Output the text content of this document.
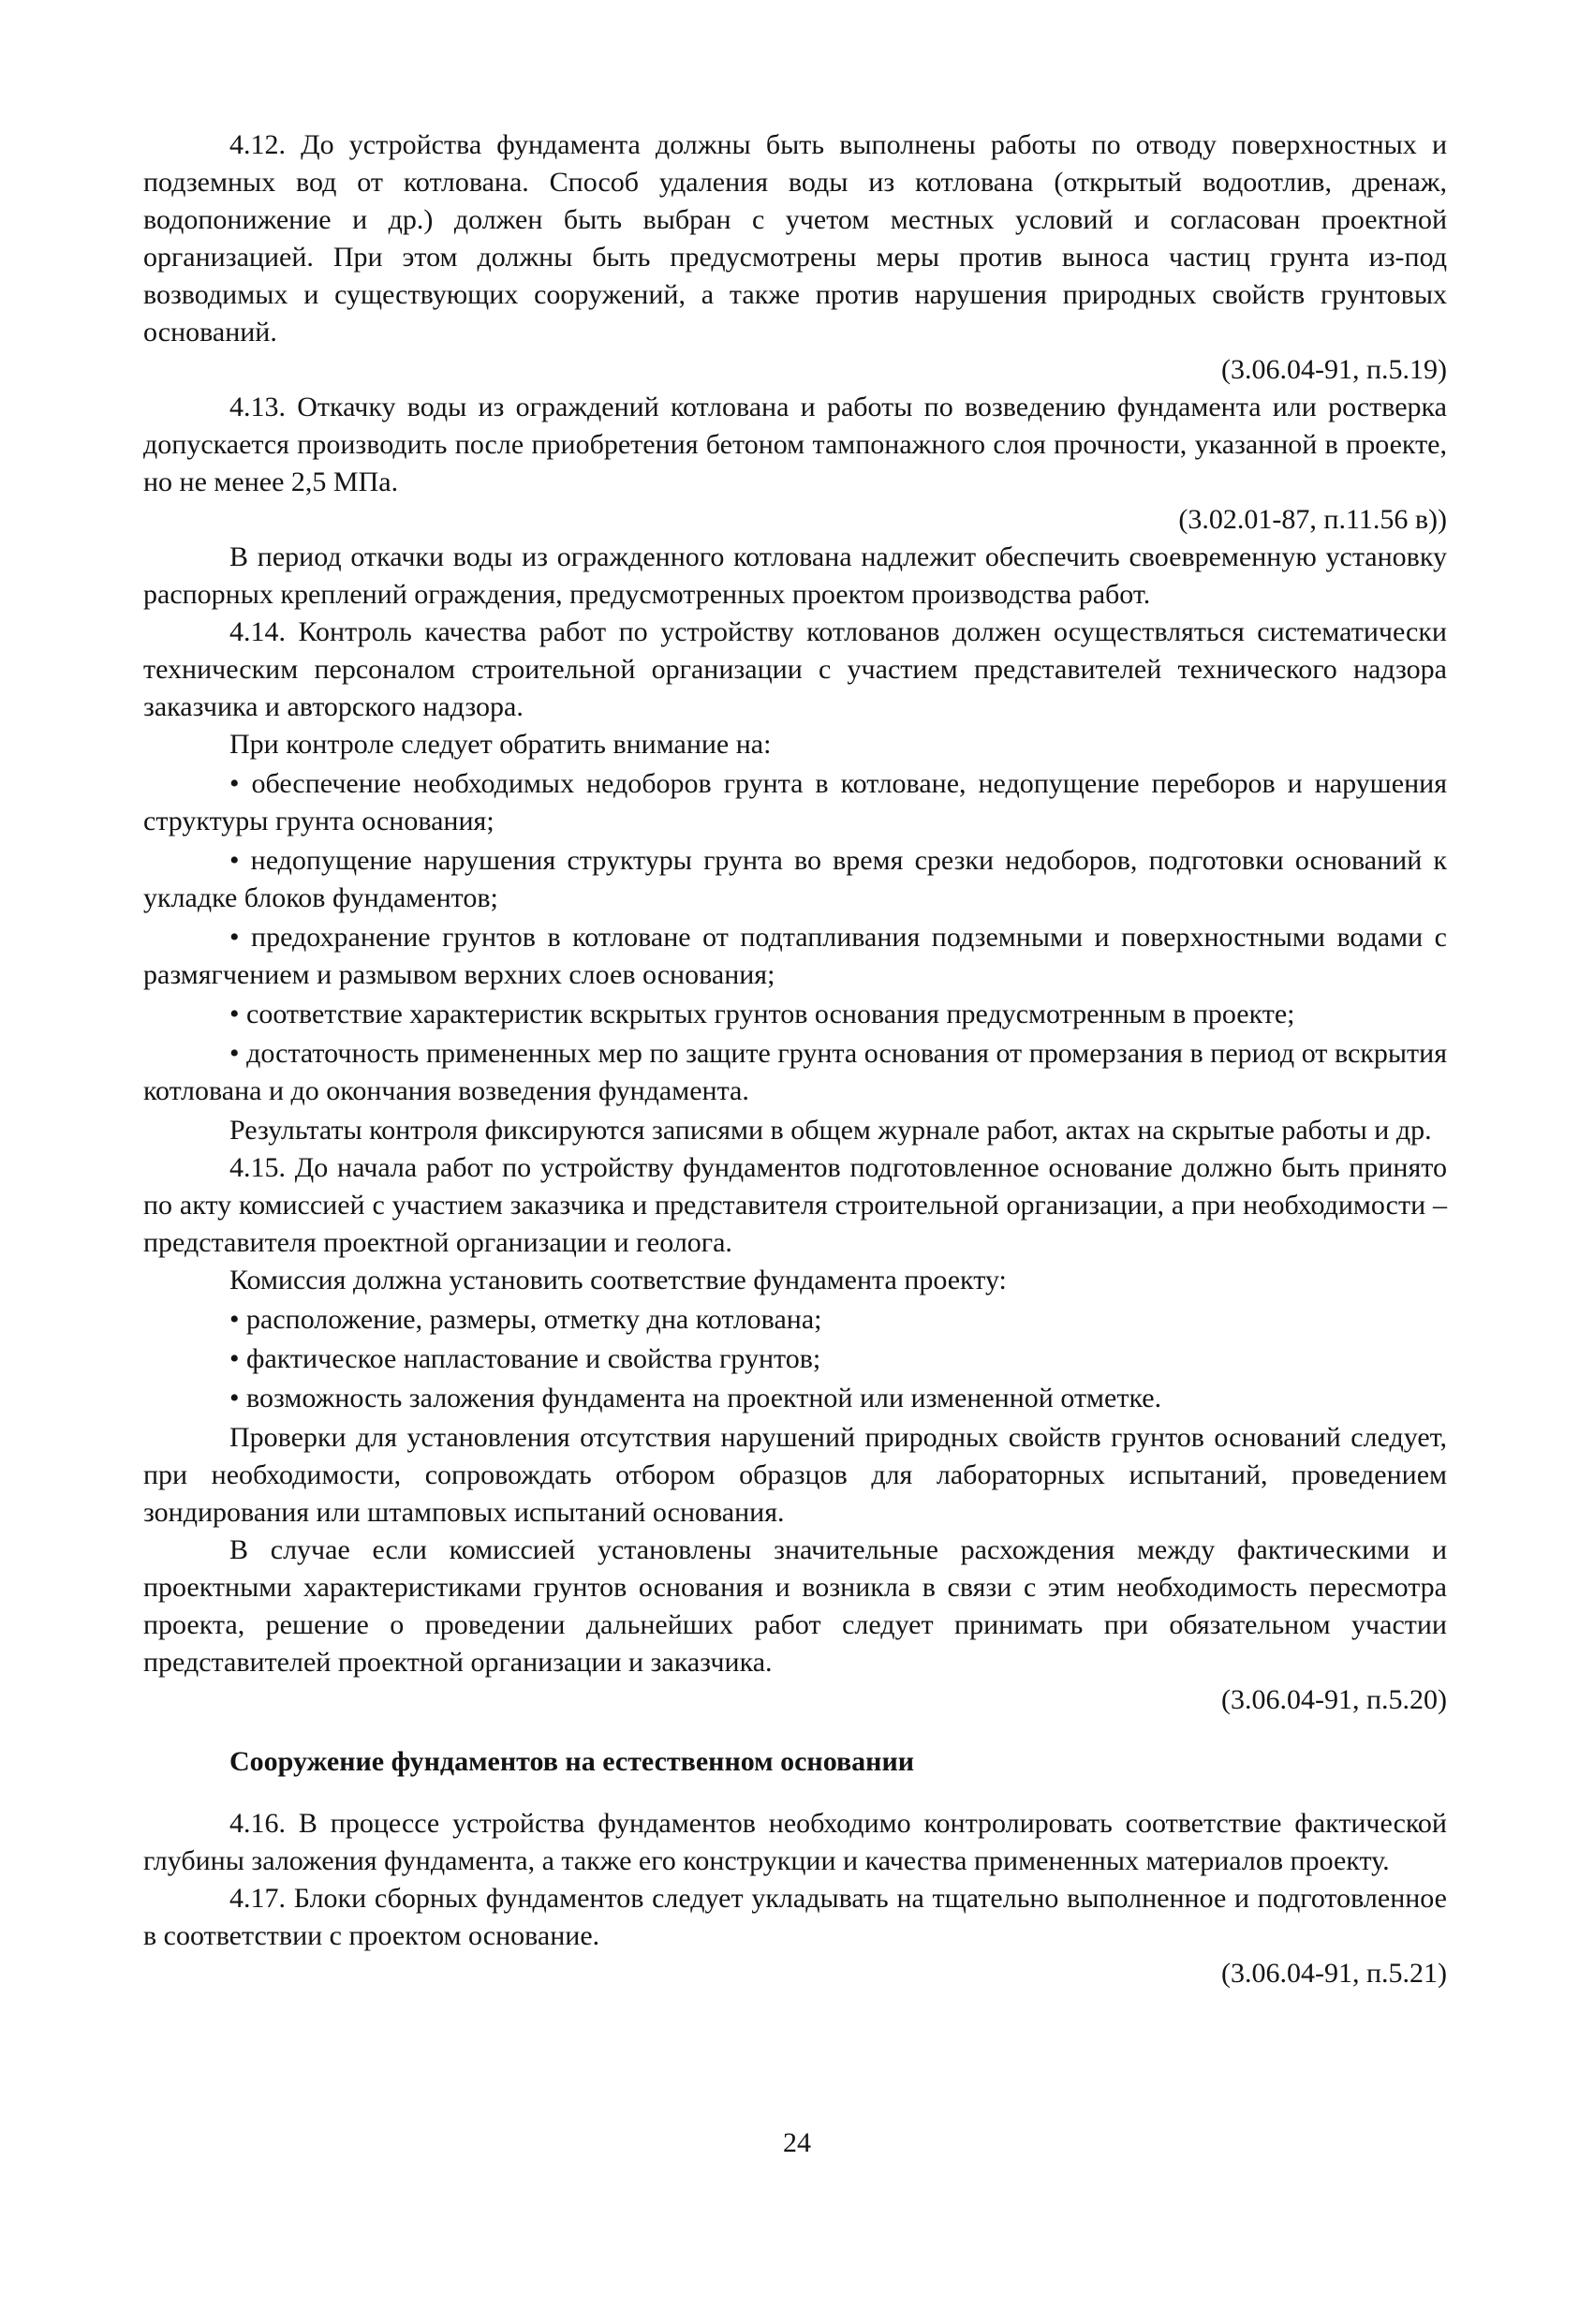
4.12. До устройства фундамента должны быть выполнены работы по отводу поверхностных и подземных вод от котлована. Способ удаления воды из котлована (открытый водоотлив, дренаж, водопонижение и др.) должен быть выбран с учетом местных условий и согласован проектной организацией. При этом должны быть предусмотрены меры против выноса частиц грунта из-под возводимых и существующих сооружений, а также против нарушения природных свойств грунтовых оснований.

(3.06.04-91, п.5.19)

4.13. Откачку воды из ограждений котлована и работы по возведению фундамента или ростверка допускается производить после приобретения бетоном тампонажного слоя прочности, указанной в проекте, но не менее 2,5 МПа.

(3.02.01-87, п.11.56 в))

В период откачки воды из огражденного котлована надлежит обеспечить своевременную установку распорных креплений ограждения, предусмотренных проектом производства работ.

4.14. Контроль качества работ по устройству котлованов должен осуществляться систематически техническим персоналом строительной организации с участием представителей технического надзора заказчика и авторского надзора.

При контроле следует обратить внимание на:

• обеспечение необходимых недоборов грунта в котловане, недопущение переборов и нарушения структуры грунта основания;

• недопущение нарушения структуры грунта во время срезки недоборов, подготовки оснований к укладке блоков фундаментов;

• предохранение грунтов в котловане от подтапливания подземными и поверхностными водами с размягчением и размывом верхних слоев основания;

• соответствие характеристик вскрытых грунтов основания предусмотренным в проекте;

• достаточность примененных мер по защите грунта основания от промерзания в период от вскрытия котлована и до окончания возведения фундамента.

Результаты контроля фиксируются записями в общем журнале работ, актах на скрытые работы и др.

4.15. До начала работ по устройству фундаментов подготовленное основание должно быть принято по акту комиссией с участием заказчика и представителя строительной организации, а при необходимости – представителя проектной организации и геолога.

Комиссия должна установить соответствие фундамента проекту:

• расположение, размеры, отметку дна котлована;

• фактическое напластование и свойства грунтов;

• возможность заложения фундамента на проектной или измененной отметке.

Проверки для установления отсутствия нарушений природных свойств грунтов оснований следует, при необходимости, сопровождать отбором образцов для лабораторных испытаний, проведением зондирования или штамповых испытаний основания.

В случае если комиссией установлены значительные расхождения между фактическими и проектными характеристиками грунтов основания и возникла в связи с этим необходимость пересмотра проекта, решение о проведении дальнейших работ следует принимать при обязательном участии представителей проектной организации и заказчика.

(3.06.04-91, п.5.20)

Сооружение фундаментов на естественном основании

4.16. В процессе устройства фундаментов необходимо контролировать соответствие фактической глубины заложения фундамента, а также его конструкции и качества примененных материалов проекту.

4.17. Блоки сборных фундаментов следует укладывать на тщательно выполненное и подготовленное в соответствии с проектом основание.

(3.06.04-91, п.5.21)

24
